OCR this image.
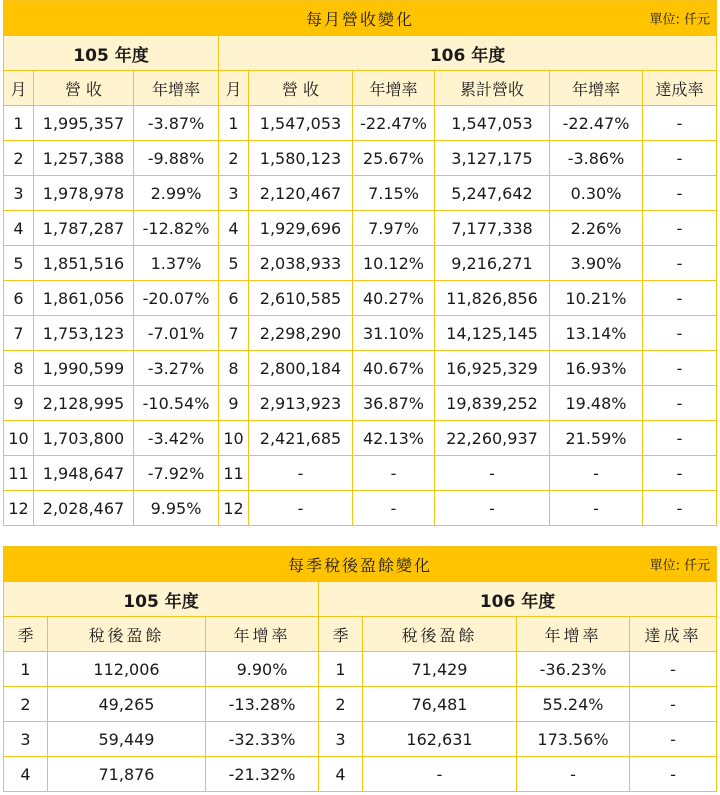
每月營收變化 單位: 仟元								

105 年度			106 年度					
月	營 收	年增率	月	營 收	年增率	累計營收	年增率	達成率
1	1,995,357	-3.87%	1	1,547,053	-22.47%	1,547,053	-22.47%	-
2	1,257,388	-9.88%	2	1,580,123	25.67%	3,127,175	-3.86%	-
3	1,978,978	2.99%	3	2,120,467	7.15%	5,247,642	0.30%	-
4	1,787,287	-12.82%	4	1,929,696	7.97%	7,177,338	2.26%	-
5	1,851,516	1.37%	5	2,038,933	10.12%	9,216,271	3.90%	-
6	1,861,056	-20.07%	6	2,610,585	40.27%	11,826,856	10.21%	-
7	1,753,123	-7.01%	7	2,298,290	31.10%	14,125,145	13.14%	-
8	1,990,599	-3.27%	8	2,800,184	40.67%	16,925,329	16.93%	-
9	2,128,995	-10.54%	9	2,913,923	36.87%	19,839,252	19.48%	-
10	1,703,800	-3.42%	10	2,421,685	42.13%	22,260,937	21.59%	-
11	1,948,647	-7.92%	11	-	-	-	-	-
12	2,028,467	9.95%	12	-	-	-	-	-
每季稅後盈餘變化 單位: 仟元						

105 年度			106 年度			
季	稅後盈餘	年增率	季	稅後盈餘	年增率	達成率
1	112,006	9.90%	1	71,429	-36.23%	-
2	49,265	-13.28%	2	76,481	55.24%	-
3	59,449	-32.33%	3	162,631	173.56%	-
4	71,876	-21.32%	4	-	-	-
